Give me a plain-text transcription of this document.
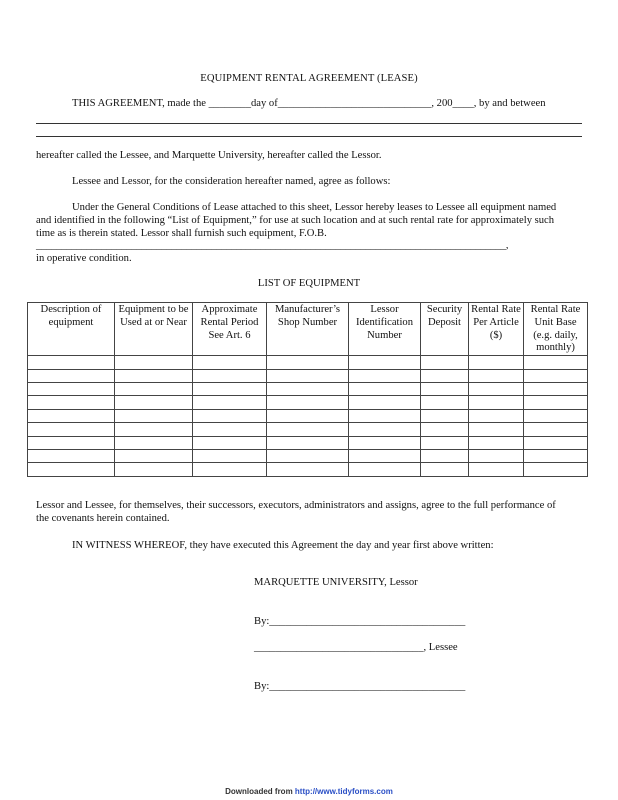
EQUIPMENT RENTAL AGREEMENT (LEASE)
THIS AGREEMENT, made the ________day of_____________________________, 200____, by and between
hereafter called the Lessee, and Marquette University, hereafter called the Lessor.
Lessee and Lessor, for the consideration hereafter named, agree as follows:
Under the General Conditions of Lease attached to this sheet, Lessor hereby leases to Lessee all equipment named
and identified in the following “List of Equipment,” for use at such location and at such rental rate for approximately such
time as is therein stated. Lessor shall furnish such equipment, F.O.B.
______________________________________________________________________________________________,
in operative condition.
LIST OF EQUIPMENT
Description of equipment	Equipment to be Used at or Near	Approximate Rental Period See Art. 6	Manufacturer’s Shop Number	Lessor Identification Number	Security Deposit	Rental Rate Per Article ($)	Rental Rate Unit Base (e.g. daily, monthly)

Lessor and Lessee, for themselves, their successors, executors, administrators and assigns, agree to the full performance of
the covenants herein contained.
IN WITNESS WHEREOF, they have executed this Agreement the day and year first above written:
MARQUETTE UNIVERSITY, Lessor
By:_____________________________________
________________________________, Lessee
By:_____________________________________
Downloaded from http://www.tidyforms.com
